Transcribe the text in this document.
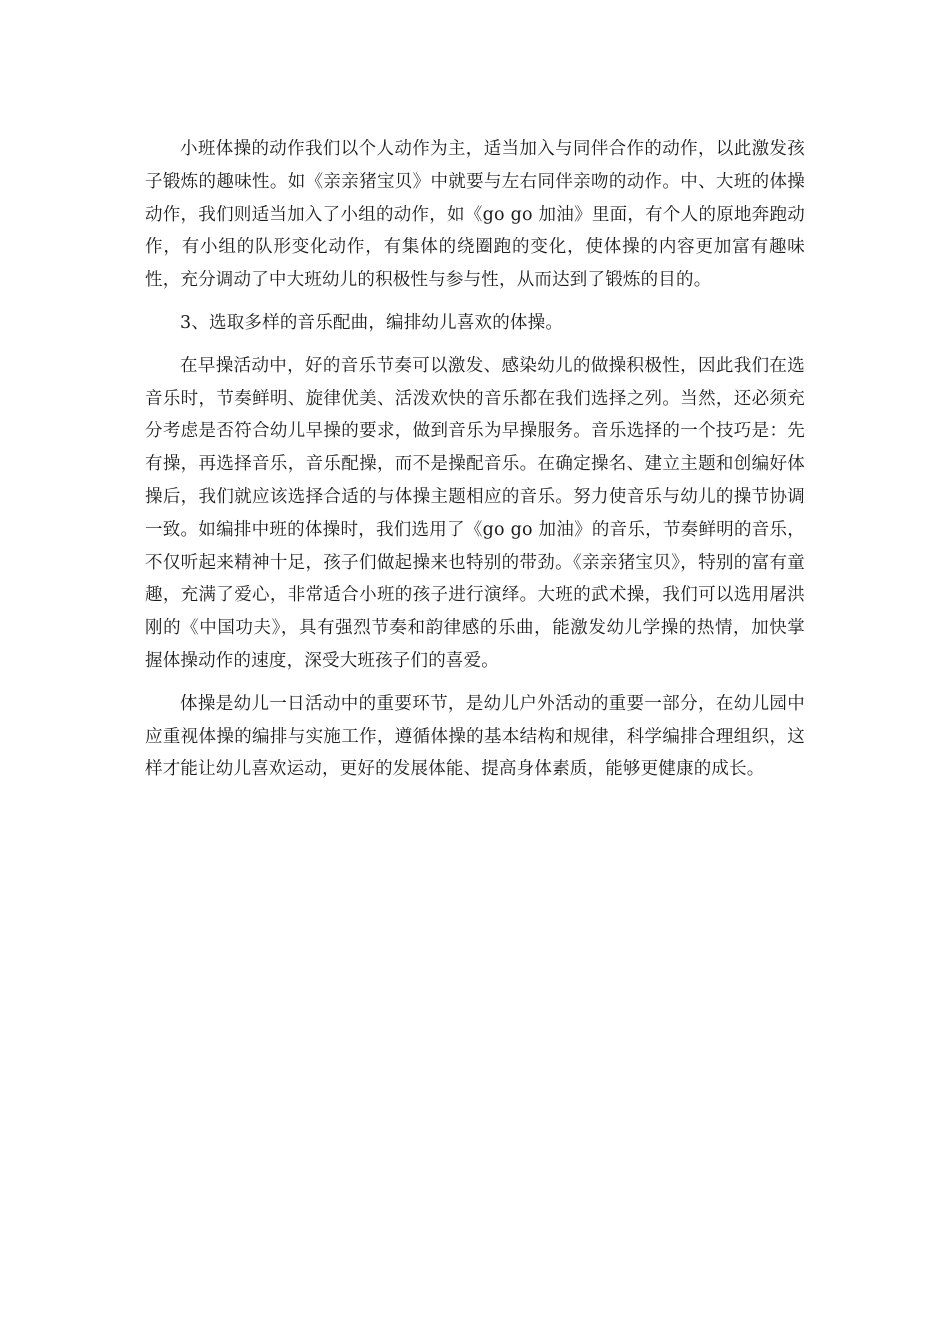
小班体操的动作我们以个人动作为主，适当加入与同伴合作的动作，以此激发孩子锻炼的趣味性。如《亲亲猪宝贝》中就要与左右同伴亲吻的动作。中、大班的体操动作，我们则适当加入了小组的动作，如《go go 加油》里面，有个人的原地奔跑动作，有小组的队形变化动作，有集体的绕圈跑的变化，使体操的内容更加富有趣味性，充分调动了中大班幼儿的积极性与参与性，从而达到了锻炼的目的。

3、选取多样的音乐配曲，编排幼儿喜欢的体操。

在早操活动中，好的音乐节奏可以激发、感染幼儿的做操积极性，因此我们在选音乐时，节奏鲜明、旋律优美、活泼欢快的音乐都在我们选择之列。当然，还必须充分考虑是否符合幼儿早操的要求，做到音乐为早操服务。音乐选择的一个技巧是：先有操，再选择音乐，音乐配操，而不是操配音乐。在确定操名、建立主题和创编好体操后，我们就应该选择合适的与体操主题相应的音乐。努力使音乐与幼儿的操节协调一致。如编排中班的体操时，我们选用了《go go 加油》的音乐，节奏鲜明的音乐，不仅听起来精神十足，孩子们做起操来也特别的带劲。《亲亲猪宝贝》，特别的富有童趣，充满了爱心，非常适合小班的孩子进行演绎。大班的武术操，我们可以选用屠洪刚的《中国功夫》，具有强烈节奏和韵律感的乐曲，能激发幼儿学操的热情，加快掌握体操动作的速度，深受大班孩子们的喜爱。

体操是幼儿一日活动中的重要环节，是幼儿户外活动的重要一部分，在幼儿园中应重视体操的编排与实施工作，遵循体操的基本结构和规律，科学编排合理组织，这样才能让幼儿喜欢运动，更好的发展体能、提高身体素质，能够更健康的成长。
